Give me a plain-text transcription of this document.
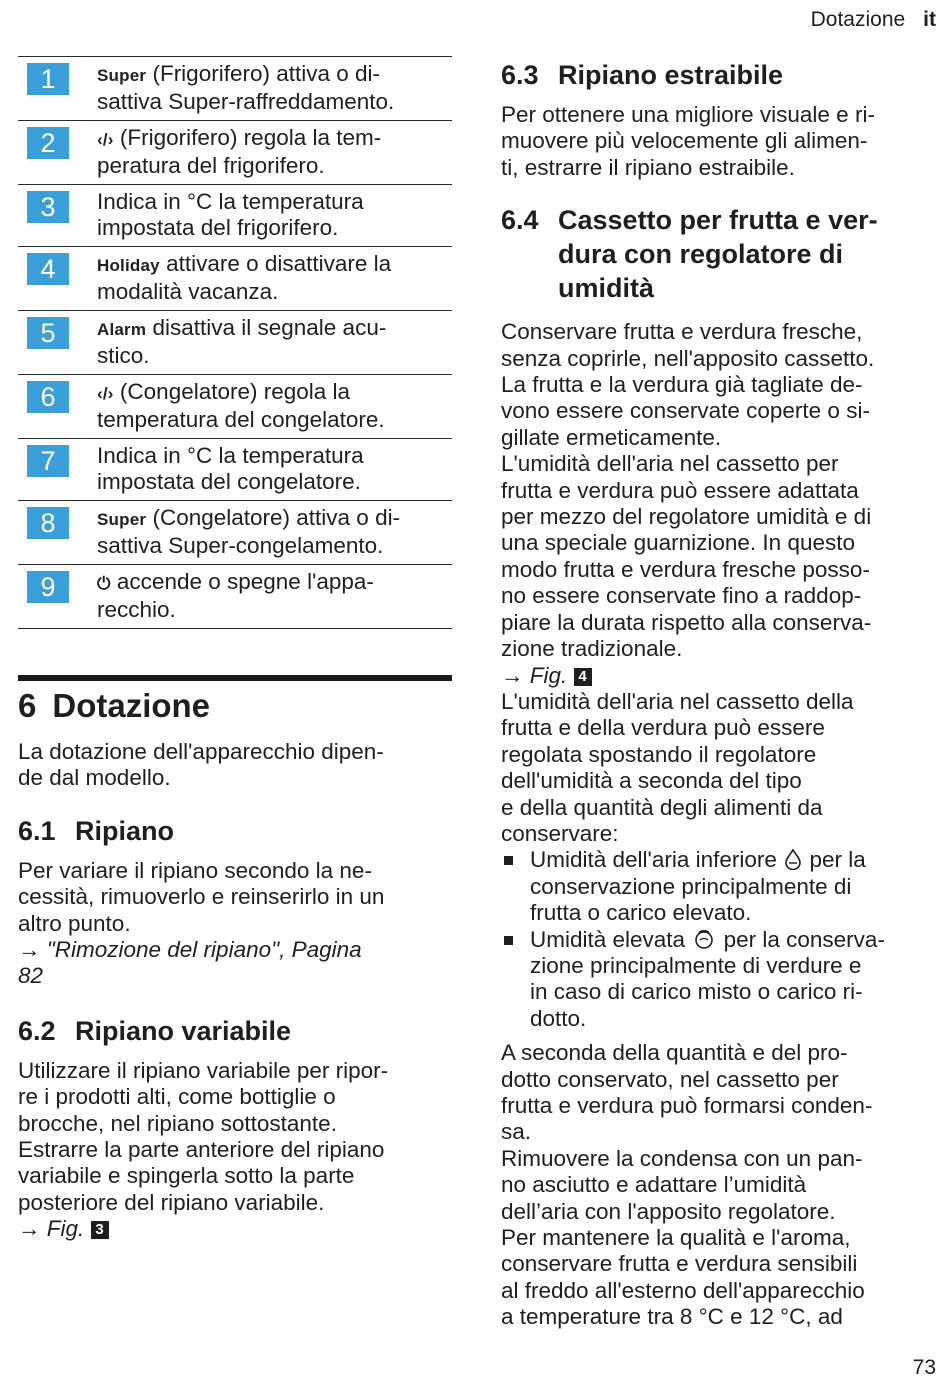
Dotazione it
1	Super (Frigorifero) attiva o di-
sattiva Super-raffreddamento.
2	‹/› (Frigorifero) regola la tem-
peratura del frigorifero.
3	Indica in °C la temperatura
impostata del frigorifero.
4	Holiday attivare o disattivare la
modalità vacanza.
5	Alarm disattiva il segnale acu-
stico.
6	‹/› (Congelatore) regola la
temperatura del congelatore.
7	Indica in °C la temperatura
impostata del congelatore.
8	Super (Congelatore) attiva o di-
sattiva Super-congelamento.
9	⏻ accende o spegne l'appa-
recchio.
6 Dotazione

La dotazione dell'apparecchio dipen-
de dal modello.

6.1 Ripiano

Per variare il ripiano secondo la ne-
cessità, rimuoverlo e reinserirlo in un
altro punto.
→ "Rimozione del ripiano", Pagina
82

6.2 Ripiano variabile

Utilizzare il ripiano variabile per ripor-
re i prodotti alti, come bottiglie o
brocche, nel ripiano sottostante.
Estrarre la parte anteriore del ripiano
variabile e spingerla sotto la parte
posteriore del ripiano variabile.
→ Fig. 3

6.3 Ripiano estraibile

Per ottenere una migliore visuale e ri-
muovere più velocemente gli alimen-
ti, estrarre il ripiano estraibile.

6.4 Cassetto per frutta e ver-
dura con regolatore di
umidità

Conservare frutta e verdura fresche,
senza coprirle, nell'apposito cassetto.
La frutta e la verdura già tagliate de-
vono essere conservate coperte o si-
gillate ermeticamente.
L'umidità dell'aria nel cassetto per
frutta e verdura può essere adattata
per mezzo del regolatore umidità e di
una speciale guarnizione. In questo
modo frutta e verdura fresche posso-
no essere conservate fino a raddop-
piare la durata rispetto alla conserva-
zione tradizionale.

→ Fig. 4

L'umidità dell'aria nel cassetto della
frutta e della verdura può essere
regolata spostando il regolatore
dell'umidità a seconda del tipo
e della quantità degli alimenti da
conservare:

Umidità dell'aria inferiore per la
conservazione principalmente di
frutta o carico elevato.
Umidità elevata per la conserva-
zione principalmente di verdure e
in caso di carico misto o carico ri-
dotto.

A seconda della quantità e del pro-
dotto conservato, nel cassetto per
frutta e verdura può formarsi conden-
sa.
Rimuovere la condensa con un pan-
no asciutto e adattare l’umidità
dell’aria con l'apposito regolatore.
Per mantenere la qualità e l'aroma,
conservare frutta e verdura sensibili
al freddo all'esterno dell'apparecchio
a temperature tra 8 °C e 12 °C, ad

73
